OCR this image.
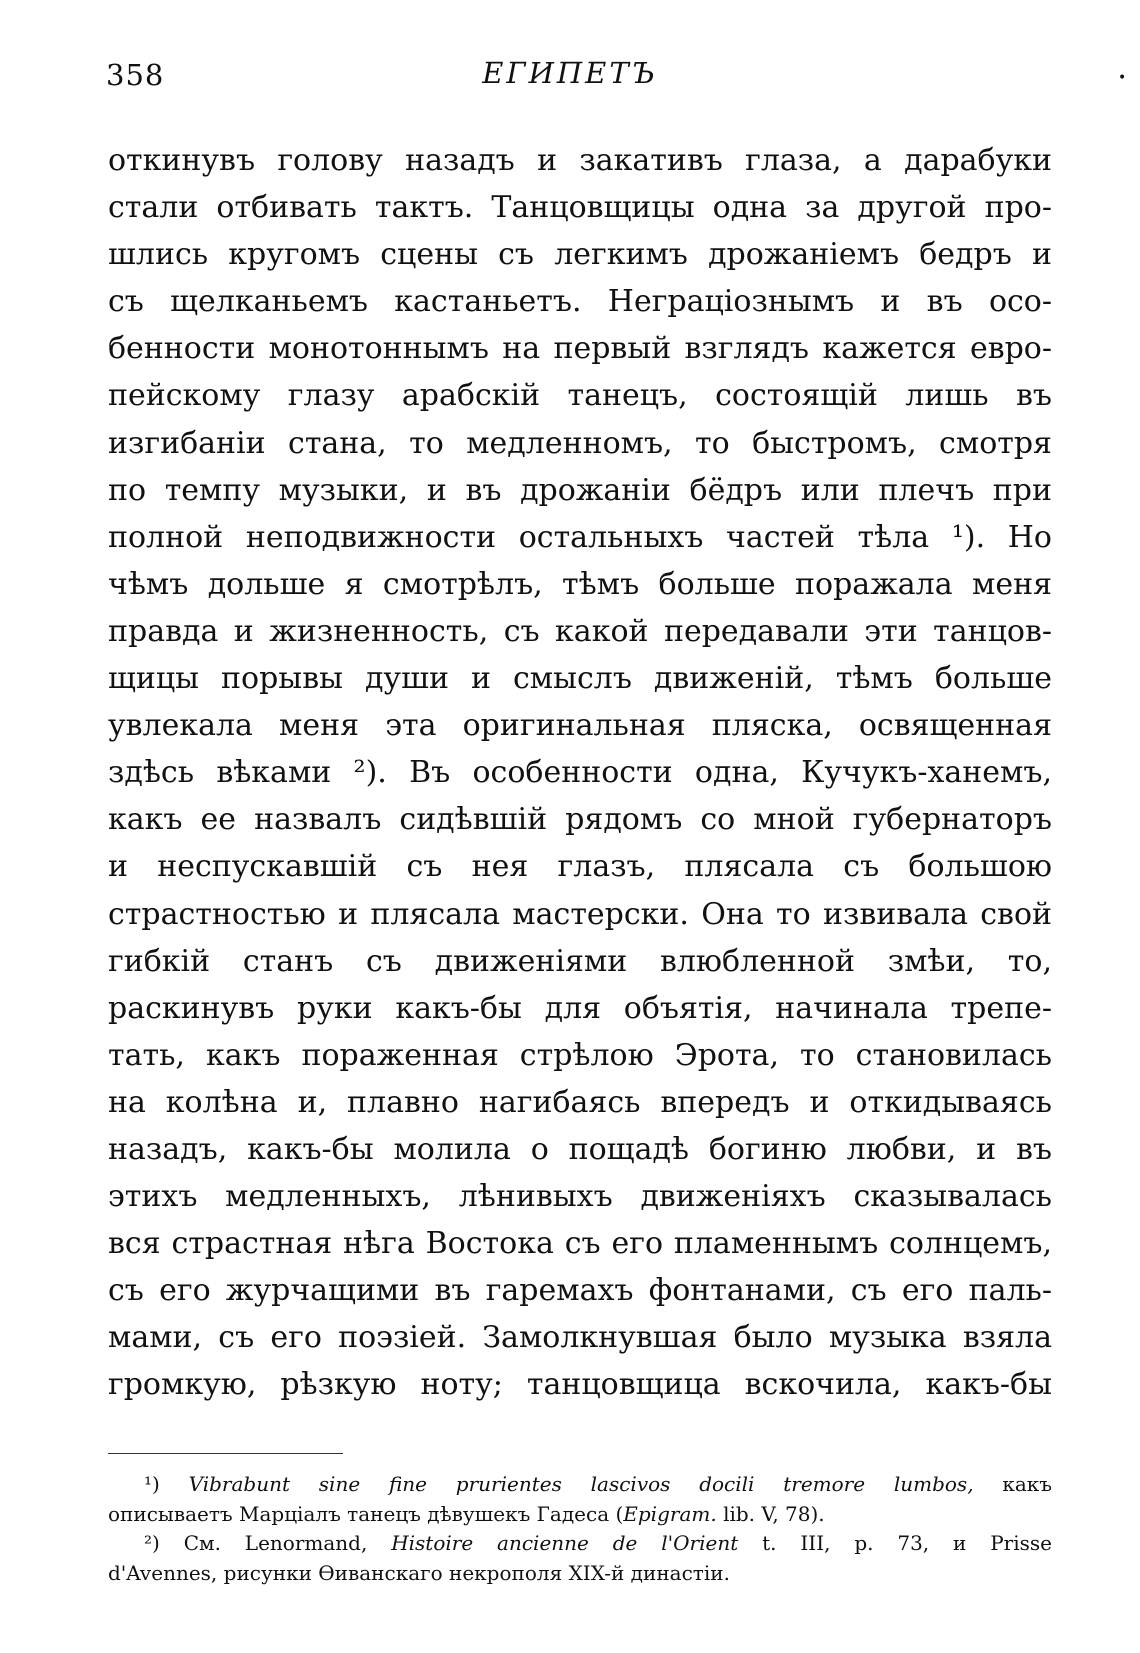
358	ЕГИПЕТЪ	•
откинувъ голову назадъ и закативъ глаза, а дарабуки
стали отбивать тактъ. Танцовщицы одна за другой про-
шлись кругомъ сцены съ легкимъ дрожаніемъ бедръ и
съ щелканьемъ кастаньетъ. Неграціознымъ и въ осо-
бенности монотоннымъ на первый взглядъ кажется евро-
пейскому глазу арабскій танецъ, состоящій лишь въ
изгибаніи стана, то медленномъ, то быстромъ, смотря
по темпу музыки, и въ дрожаніи бёдръ или плечъ при
полной неподвижности остальныхъ частей тѣла ¹). Но
чѣмъ дольше я смотрѣлъ, тѣмъ больше поражала меня
правда и жизненность, съ какой передавали эти танцов-
щицы порывы души и смыслъ движеній, тѣмъ больше
увлекала меня эта оригинальная пляска, освященная
здѣсь вѣками ²). Въ особенности одна, Кучукъ-ханемъ,
какъ ее назвалъ сидѣвшій рядомъ со мной губернаторъ
и неспускавшій съ нея глазъ, плясала съ большою
страстностью и плясала мастерски. Она то извивала свой
гибкій станъ съ движеніями влюбленной змѣи, то,
раскинувъ руки какъ-бы для объятія, начинала трепе-
тать, какъ пораженная стрѣлою Эрота, то становилась
на колѣна и, плавно нагибаясь впередъ и откидываясь
назадъ, какъ-бы молила о пощадѣ богиню любви, и въ
этихъ медленныхъ, лѣнивыхъ движеніяхъ сказывалась
вся страстная нѣга Востока съ его пламеннымъ солнцемъ,
съ его журчащими въ гаремахъ фонтанами, съ его паль-
мами, съ его поэзіей. Замолкнувшая было музыка взяла
громкую, рѣзкую ноту; танцовщица вскочила, какъ-бы
¹) Vibrabunt sine fine prurientes lascivos docili tremore lumbos, какъ
описываетъ Марціалъ танецъ дѣвушекъ Гадеса (Epigram. lib. V, 78).
²) См. Lenormand, Histoire ancienne de l'Orient t. III, p. 73, и Prisse
d'Avennes, рисунки Ѳиванскаго некрополя XIX-й династіи.
